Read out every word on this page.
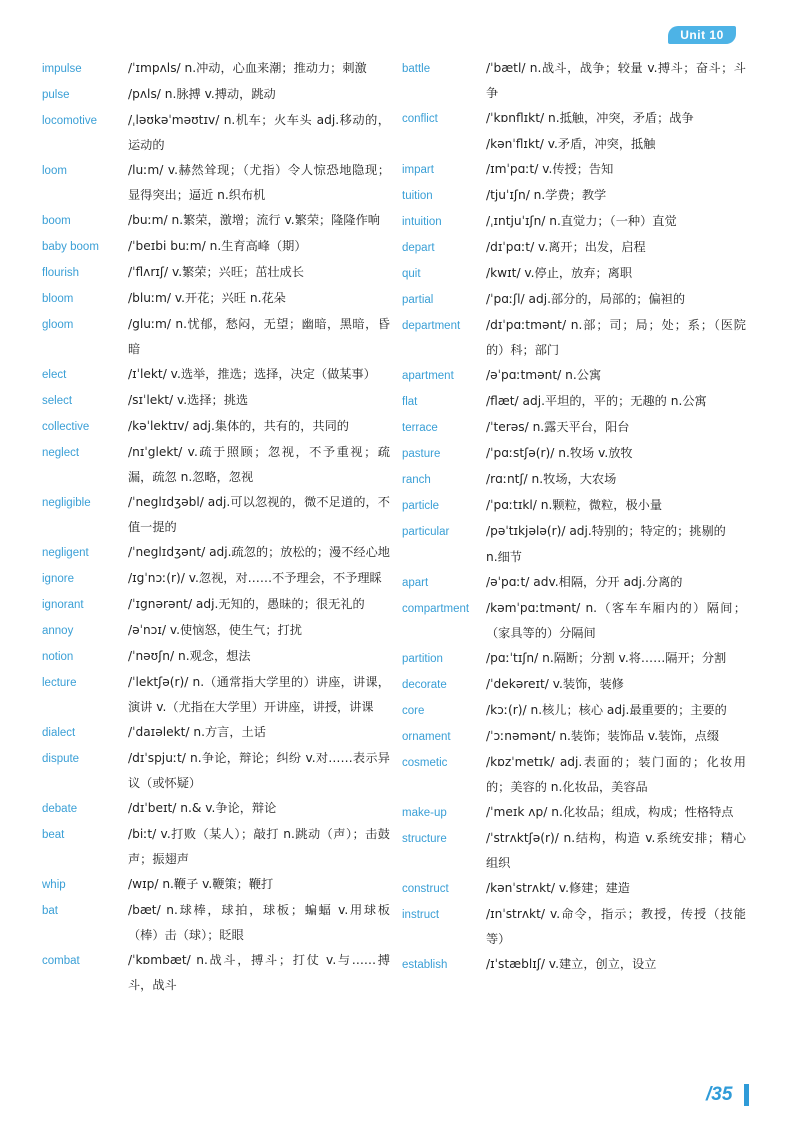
Unit 10
impulse	/ˈɪmpʌls/ n.冲动，心血来潮；推动力；刺激
pulse	/pʌls/ n.脉搏 v.搏动，跳动
locomotive	/ˌləʊkəˈməʊtɪv/ n.机车；火车头 adj.移动的，运动的
loom	/luːm/ v.赫然耸现；（尤指）令人惊恐地隐现；显得突出；逼近 n.织布机
boom	/buːm/ n.繁荣，激增；流行 v.繁荣；隆隆作响
baby boom	/ˈbeɪbi buːm/ n.生育高峰（期）
flourish	/ˈflʌrɪʃ/ v.繁荣；兴旺；茁壮成长
bloom	/bluːm/ v.开花；兴旺 n.花朵
gloom	/gluːm/ n.忧郁，愁闷，无望；幽暗，黑暗，昏暗
elect	/ɪˈlekt/ v.选举，推选；选择，决定（做某事）
select	/sɪˈlekt/ v.选择；挑选
collective	/kəˈlektɪv/ adj.集体的，共有的，共同的
neglect	/nɪˈglekt/ v.疏于照顾；忽视，不予重视；疏漏，疏忽 n.忽略，忽视
negligible	/ˈneglɪdʒəbl/ adj.可以忽视的，微不足道的，不值一提的
negligent	/ˈneglɪdʒənt/ adj.疏忽的；放松的；漫不经心地
ignore	/ɪgˈnɔː(r)/ v.忽视，对……不予理会，不予理睬
ignorant	/ˈɪgnərənt/ adj.无知的，愚昧的；很无礼的
annoy	/əˈnɔɪ/ v.使恼怒，使生气；打扰
notion	/ˈnəʊʃn/ n.观念，想法
lecture	/ˈlektʃə(r)/ n.（通常指大学里的）讲座，讲课，演讲 v.（尤指在大学里）开讲座，讲授，讲课
dialect	/ˈdaɪəlekt/ n.方言，土话
dispute	/dɪˈspjuːt/ n.争论，辩论；纠纷 v.对……表示异议（或怀疑）
debate	/dɪˈbeɪt/ n.& v.争论，辩论
beat	/biːt/ v.打败（某人）；敲打 n.跳动（声）；击鼓声；振翅声
whip	/wɪp/ n.鞭子 v.鞭策；鞭打
bat	/bæt/ n.球棒，球拍，球板；蝙蝠 v.用球板（棒）击（球）；眨眼
combat	/ˈkɒmbæt/ n.战斗，搏斗；打仗 v.与……搏斗，战斗
battle	/ˈbætl/ n.战斗，战争；较量 v.搏斗；奋斗；斗争
conflict	/ˈkɒnflɪkt/ n.抵触，冲突，矛盾；战争
/kənˈflɪkt/ v.矛盾，冲突，抵触
impart	/ɪmˈpɑːt/ v.传授；告知
tuition	/tjuˈɪʃn/ n.学费；教学
intuition	/ˌɪntjuˈɪʃn/ n.直觉力；（一种）直觉
depart	/dɪˈpɑːt/ v.离开；出发，启程
quit	/kwɪt/ v.停止，放弃；离职
partial	/ˈpɑːʃl/ adj.部分的，局部的；偏袒的
department	/dɪˈpɑːtmənt/ n.部；司；局；处；系；（医院的）科；部门
apartment	/əˈpɑːtmənt/ n.公寓
flat	/flæt/ adj.平坦的，平的；无趣的 n.公寓
terrace	/ˈterəs/ n.露天平台，阳台
pasture	/ˈpɑːstʃə(r)/ n.牧场 v.放牧
ranch	/rɑːntʃ/ n.牧场，大农场
particle	/ˈpɑːtɪkl/ n.颗粒，微粒，极小量
particular	/pəˈtɪkjələ(r)/ adj.特别的；特定的；挑剔的
n.细节
apart	/əˈpɑːt/ adv.相隔，分开 adj.分离的
compartment	/kəmˈpɑːtmənt/ n.（客车车厢内的）隔间；（家具等的）分隔间
partition	/pɑːˈtɪʃn/ n.隔断；分割 v.将……隔开；分割
decorate	/ˈdekəreɪt/ v.装饰，装修
core	/kɔː(r)/ n.核儿；核心 adj.最重要的；主要的
ornament	/ˈɔːnəmənt/ n.装饰；装饰品 v.装饰，点缀
cosmetic	/kɒzˈmetɪk/ adj.表面的；装门面的；化妆用的；美容的 n.化妆品，美容品
make-up	/ˈmeɪk ʌp/ n.化妆品；组成，构成；性格特点
structure	/ˈstrʌktʃə(r)/ n.结构，构造 v.系统安排；精心组织
construct	/kənˈstrʌkt/ v.修建；建造
instruct	/ɪnˈstrʌkt/ v.命令，指示；教授，传授（技能等）
establish	/ɪˈstæblɪʃ/ v.建立，创立，设立
/35
